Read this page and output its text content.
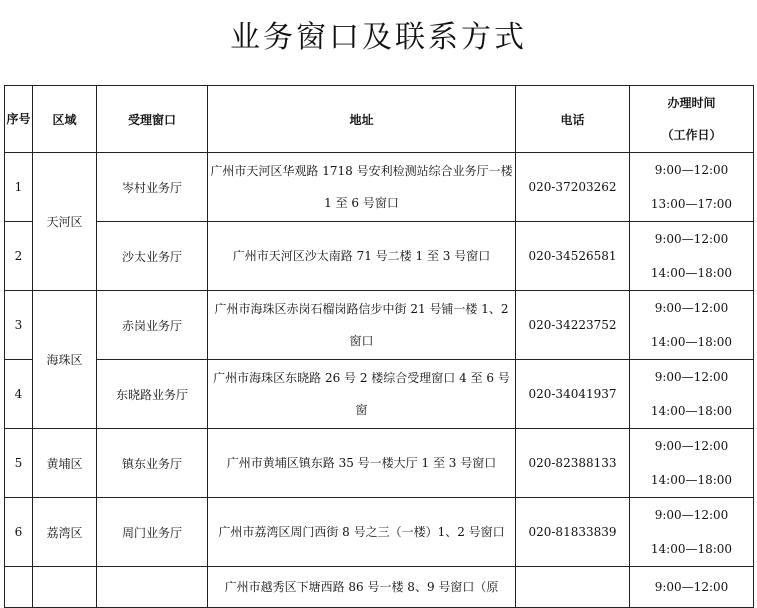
业务窗口及联系方式
序号	区域	受理窗口	地址	电话	办理时间
（工作日）

1	天河区	岑村业务厅	广州市天河区华观路 1718 号安利检测站综合业务厅一楼 1 至 6 号窗口	020-37203262	9:00—12:00
13:00—17:00

2		沙太业务厅	广州市天河区沙太南路 71 号二楼 1 至 3 号窗口	020-34526581	9:00—12:00
14:00—18:00

3	海珠区	赤岗业务厅	广州市海珠区赤岗石榴岗路信步中街 21 号铺一楼 1、2 窗口	020-34223752	9:00—12:00
14:00—18:00

4		东晓路业务厅	广州市海珠区东晓路 26 号 2 楼综合受理窗口 4 至 6 号窗	020-34041937	9:00—12:00
14:00—18:00

5	黄埔区	镇东业务厅	广州市黄埔区镇东路 35 号一楼大厅 1 至 3 号窗口	020-82388133	9:00—12:00
14:00—18:00

6	荔湾区	周门业务厅	广州市荔湾区周门西街 8 号之三（一楼）1、2 号窗口	020-81833839	9:00—12:00
14:00—18:00

			广州市越秀区下塘西路 86 号一楼 8、9 号窗口（原		9:00—12:00
